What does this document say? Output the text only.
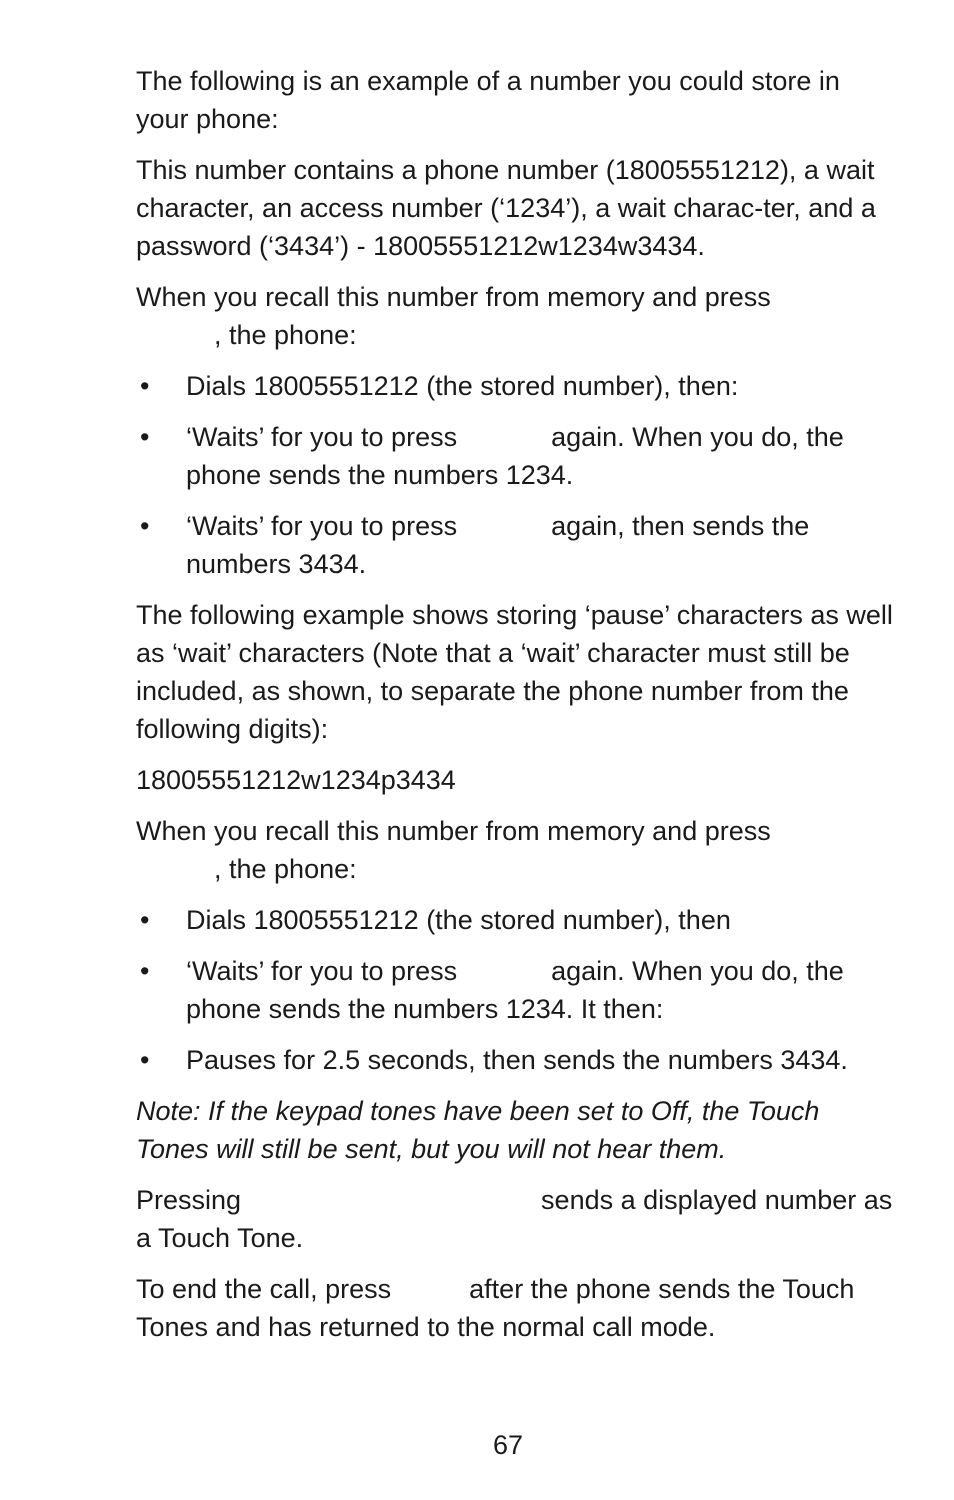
The following is an example of a number you could store in your phone:

This number contains a phone number (18005551212), a wait character, an access number (‘1234’), a wait charac-ter, and a password (‘3434’) - 18005551212w1234w3434.

When you recall this number from memory and press
, the phone:

• Dials 18005551212 (the stored number), then:
• ‘Waits’ for you to press	again. When you do, the phone sends the numbers 1234.
• ‘Waits’ for you to press	again, then sends the numbers 3434.

The following example shows storing ‘pause’ characters as well as ‘wait’ characters (Note that a ‘wait’ character must still be included, as shown, to separate the phone number from the following digits):

18005551212w1234p3434

When you recall this number from memory and press
, the phone:

• Dials 18005551212 (the stored number), then
• ‘Waits’ for you to press	again. When you do, the phone sends the numbers 1234. It then:
• Pauses for 2.5 seconds, then sends the numbers 3434.

Note: If the keypad tones have been set to Off, the Touch Tones will still be sent, but you will not hear them.

Pressing	sends a displayed number as a Touch Tone.

To end the call, press	after the phone sends the Touch Tones and has returned to the normal call mode.

67
